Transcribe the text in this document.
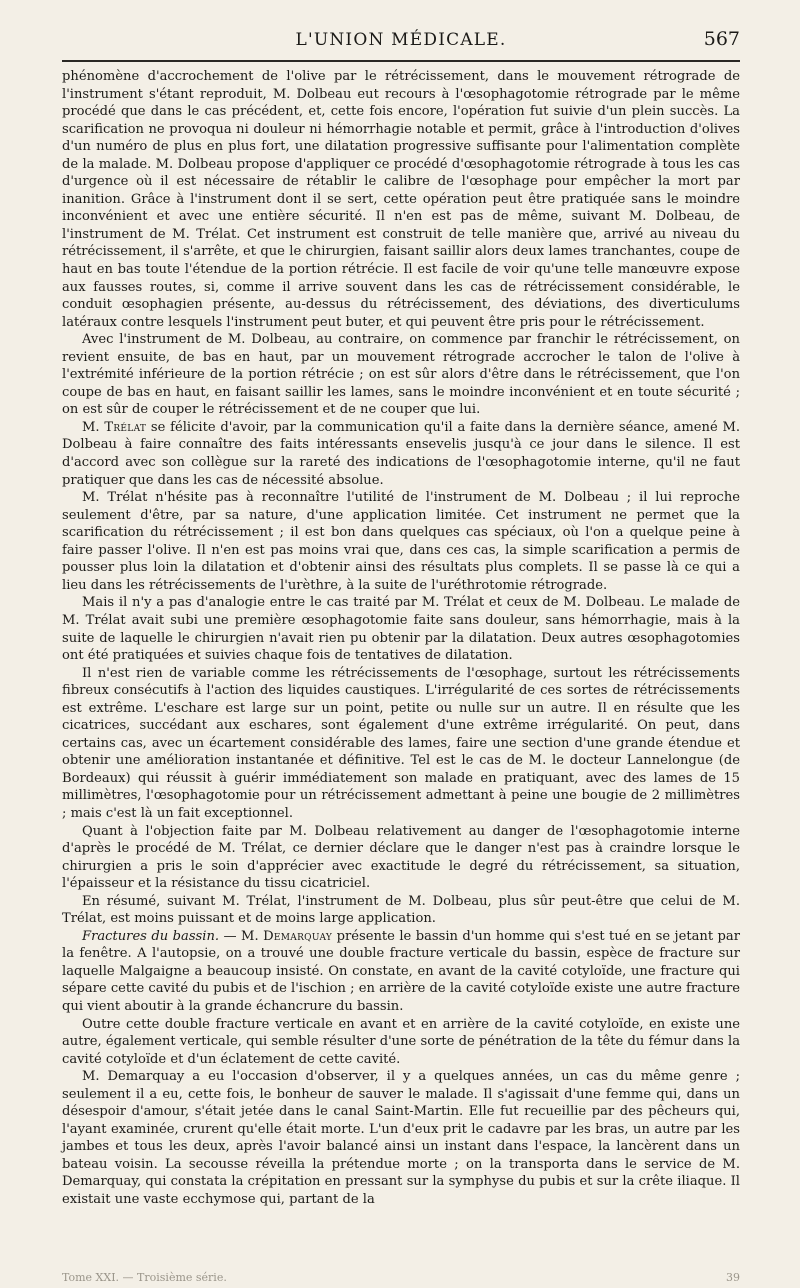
L'UNION MÉDICALE.	567

phénomène d'accrochement de l'olive par le rétrécissement, dans le mouvement rétrograde de l'instrument s'étant reproduit, M. Dolbeau eut recours à l'œsophagotomie rétrograde par le même procédé que dans le cas précédent, et, cette fois encore, l'opération fut suivie d'un plein succès. La scarification ne provoqua ni douleur ni hémorrhagie notable et permit, grâce à l'introduction d'olives d'un numéro de plus en plus fort, une dilatation progressive suffisante pour l'alimentation complète de la malade. M. Dolbeau propose d'appliquer ce procédé d'œsophagotomie rétrograde à tous les cas d'urgence où il est nécessaire de rétablir le calibre de l'œsophage pour empêcher la mort par inanition. Grâce à l'instrument dont il se sert, cette opération peut être pratiquée sans le moindre inconvénient et avec une entière sécurité. Il n'en est pas de même, suivant M. Dolbeau, de l'instrument de M. Trélat. Cet instrument est construit de telle manière que, arrivé au niveau du rétrécissement, il s'arrête, et que le chirurgien, faisant saillir alors deux lames tranchantes, coupe de haut en bas toute l'étendue de la portion rétrécie. Il est facile de voir qu'une telle manœuvre expose aux fausses routes, si, comme il arrive souvent dans les cas de rétrécissement considérable, le conduit œsophagien présente, au-dessus du rétrécissement, des déviations, des diverticulums latéraux contre lesquels l'instrument peut buter, et qui peuvent être pris pour le rétrécissement.

Avec l'instrument de M. Dolbeau, au contraire, on commence par franchir le rétrécissement, on revient ensuite, de bas en haut, par un mouvement rétrograde accrocher le talon de l'olive à l'extrémité inférieure de la portion rétrécie ; on est sûr alors d'être dans le rétrécissement, que l'on coupe de bas en haut, en faisant saillir les lames, sans le moindre inconvénient et en toute sécurité ; on est sûr de couper le rétrécissement et de ne couper que lui.

M. Trélat se félicite d'avoir, par la communication qu'il a faite dans la dernière séance, amené M. Dolbeau à faire connaître des faits intéressants ensevelis jusqu'à ce jour dans le silence. Il est d'accord avec son collègue sur la rareté des indications de l'œsophagotomie interne, qu'il ne faut pratiquer que dans les cas de nécessité absolue.

M. Trélat n'hésite pas à reconnaître l'utilité de l'instrument de M. Dolbeau ; il lui reproche seulement d'être, par sa nature, d'une application limitée. Cet instrument ne permet que la scarification du rétrécissement ; il est bon dans quelques cas spéciaux, où l'on a quelque peine à faire passer l'olive. Il n'en est pas moins vrai que, dans ces cas, la simple scarification a permis de pousser plus loin la dilatation et d'obtenir ainsi des résultats plus complets. Il se passe là ce qui a lieu dans les rétrécissements de l'urèthre, à la suite de l'uréthrotomie rétrograde.

Mais il n'y a pas d'analogie entre le cas traité par M. Trélat et ceux de M. Dolbeau. Le malade de M. Trélat avait subi une première œsophagotomie faite sans douleur, sans hémorrhagie, mais à la suite de laquelle le chirurgien n'avait rien pu obtenir par la dilatation. Deux autres œsophagotomies ont été pratiquées et suivies chaque fois de tentatives de dilatation.

Il n'est rien de variable comme les rétrécissements de l'œsophage, surtout les rétrécissements fibreux consécutifs à l'action des liquides caustiques. L'irrégularité de ces sortes de rétrécissements est extrême. L'eschare est large sur un point, petite ou nulle sur un autre. Il en résulte que les cicatrices, succédant aux eschares, sont également d'une extrême irrégularité. On peut, dans certains cas, avec un écartement considérable des lames, faire une section d'une grande étendue et obtenir une amélioration instantanée et définitive. Tel est le cas de M. le docteur Lannelongue (de Bordeaux) qui réussit à guérir immédiatement son malade en pratiquant, avec des lames de 15 millimètres, l'œsophagotomie pour un rétrécissement admettant à peine une bougie de 2 millimètres ; mais c'est là un fait exceptionnel.

Quant à l'objection faite par M. Dolbeau relativement au danger de l'œsophagotomie interne d'après le procédé de M. Trélat, ce dernier déclare que le danger n'est pas à craindre lorsque le chirurgien a pris le soin d'apprécier avec exactitude le degré du rétrécissement, sa situation, l'épaisseur et la résistance du tissu cicatriciel.

En résumé, suivant M. Trélat, l'instrument de M. Dolbeau, plus sûr peut-être que celui de M. Trélat, est moins puissant et de moins large application.

Fractures du bassin. — M. Demarquay présente le bassin d'un homme qui s'est tué en se jetant par la fenêtre. A l'autopsie, on a trouvé une double fracture verticale du bassin, espèce de fracture sur laquelle Malgaigne a beaucoup insisté. On constate, en avant de la cavité cotyloïde, une fracture qui sépare cette cavité du pubis et de l'ischion ; en arrière de la cavité cotyloïde existe une autre fracture qui vient aboutir à la grande échancrure du bassin.

Outre cette double fracture verticale en avant et en arrière de la cavité cotyloïde, en existe une autre, également verticale, qui semble résulter d'une sorte de pénétration de la tête du fémur dans la cavité cotyloïde et d'un éclatement de cette cavité.

M. Demarquay a eu l'occasion d'observer, il y a quelques années, un cas du même genre ; seulement il a eu, cette fois, le bonheur de sauver le malade. Il s'agissait d'une femme qui, dans un désespoir d'amour, s'était jetée dans le canal Saint-Martin. Elle fut recueillie par des pêcheurs qui, l'ayant examinée, crurent qu'elle était morte. L'un d'eux prit le cadavre par les bras, un autre par les jambes et tous les deux, après l'avoir balancé ainsi un instant dans l'espace, la lancèrent dans un bateau voisin. La secousse réveilla la prétendue morte ; on la transporta dans le service de M. Demarquay, qui constata la crépitation en pressant sur la symphyse du pubis et sur la crête iliaque. Il existait une vaste ecchymose qui, partant de la

Tome XXI. — Troisième série.	39
